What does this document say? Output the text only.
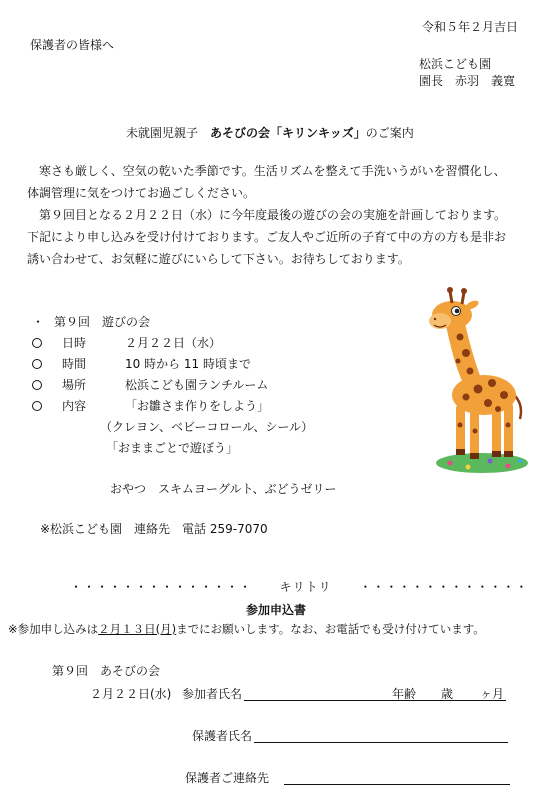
令和５年２月吉日
保護者の皆様へ
松浜こども園
園長　赤羽　義寛
未就園児親子　あそびの会「キリンキッズ」のご案内

　寒さも厳しく、空気の乾いた季節です。生活リズムを整えて手洗いうがいを習慣化し、

体調管理に気をつけてお過ごしください。

　第９回目となる２月２２日（水）に今年度最後の遊びの会の実施を計画しております。

下記により申し込みを受け付けております。ご友人やご近所の子育て中の方の方も是非お

誘い合わせて、お気軽に遊びにいらして下さい。お待ちしております。

・ 第９回　遊びの会
日時	２月２２日（水）
時間	10 時から 11 時頃まで
場所	松浜こども園ランチルーム
内容	「お雛さま作りをしよう」
（クレヨン、ベビーコロール、シール）
「おままごとで遊ぼう」
おやつ　スキムヨーグルト、ぶどうゼリー
※松浜こども園　連絡先　電話 259-7070
・・・・・・・・・・・・・・ キリトリ ・・・・・・・・・・・・・
参加申込書
※参加申し込みは２月１３日(月)までにお願いします。なお、お電話でも受け付けています。
第９回　あそびの会
２月２２日(水) 参加者氏名	年齢 歳 ヶ月
保護者氏名
保護者ご連絡先
